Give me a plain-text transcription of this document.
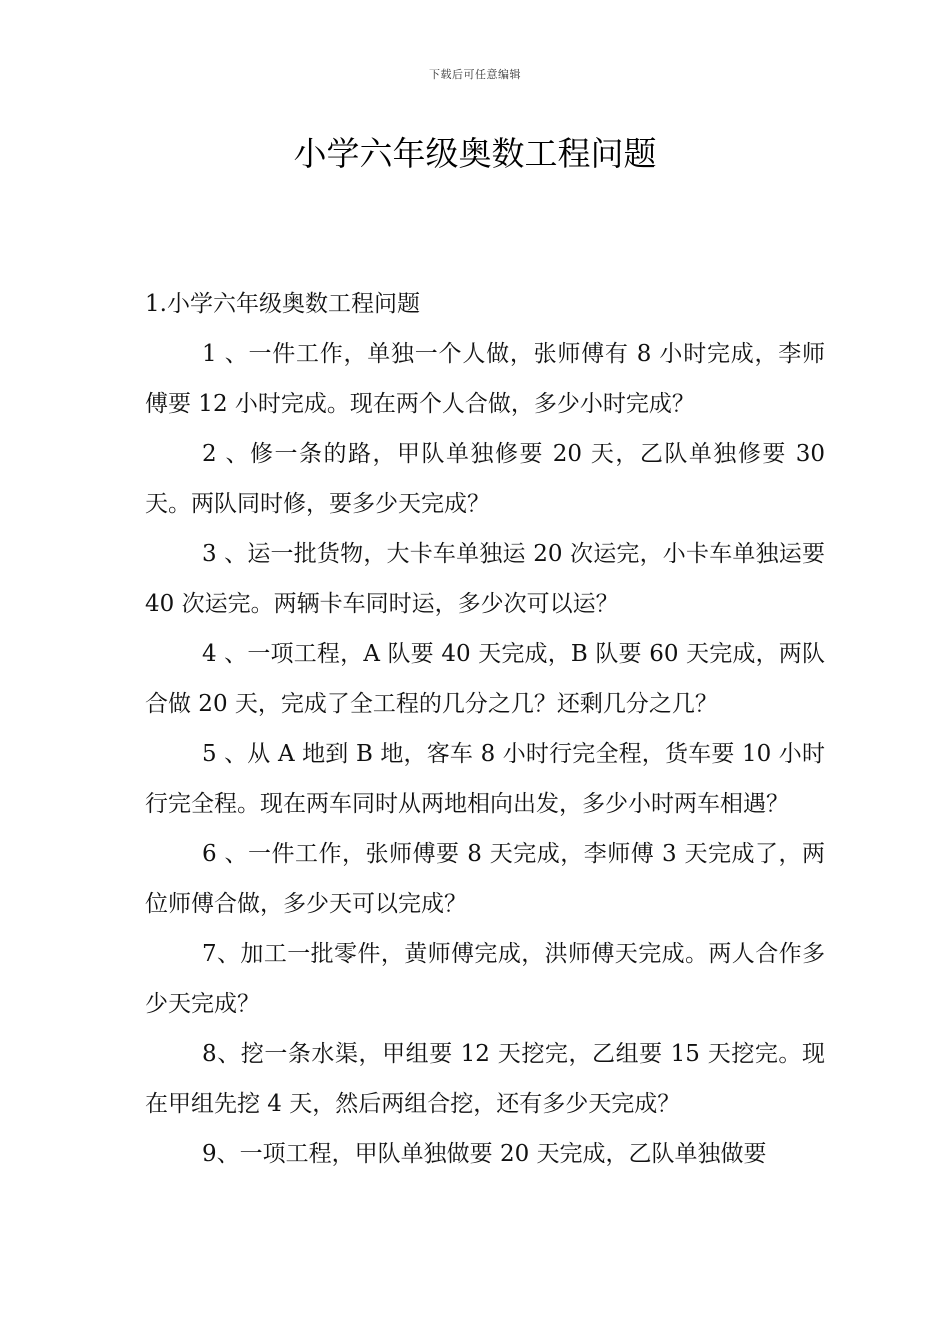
下载后可任意编辑
小学六年级奥数工程问题

1.小学六年级奥数工程问题

1 、一件工作，单独一个人做，张师傅有 8 小时完成，李师傅要 12 小时完成。现在两个人合做，多少小时完成？

2 、修一条的路，甲队单独修要 20 天，乙队单独修要 30 天。两队同时修，要多少天完成？

3 、运一批货物，大卡车单独运 20 次运完，小卡车单独运要 40 次运完。两辆卡车同时运，多少次可以运？

4 、一项工程，A 队要 40 天完成，B 队要 60 天完成，两队合做 20 天，完成了全工程的几分之几？还剩几分之几？

5 、从 A 地到 B 地，客车 8 小时行完全程，货车要 10 小时行完全程。现在两车同时从两地相向出发，多少小时两车相遇？

6 、一件工作，张师傅要 8 天完成，李师傅 3 天完成了，两位师傅合做，多少天可以完成？

7、加工一批零件，黄师傅完成，洪师傅天完成。两人合作多少天完成？

8、挖一条水渠，甲组要 12 天挖完，乙组要 15 天挖完。现在甲组先挖 4 天，然后两组合挖，还有多少天完成？

9、一项工程，甲队单独做要 20 天完成，乙队单独做要
